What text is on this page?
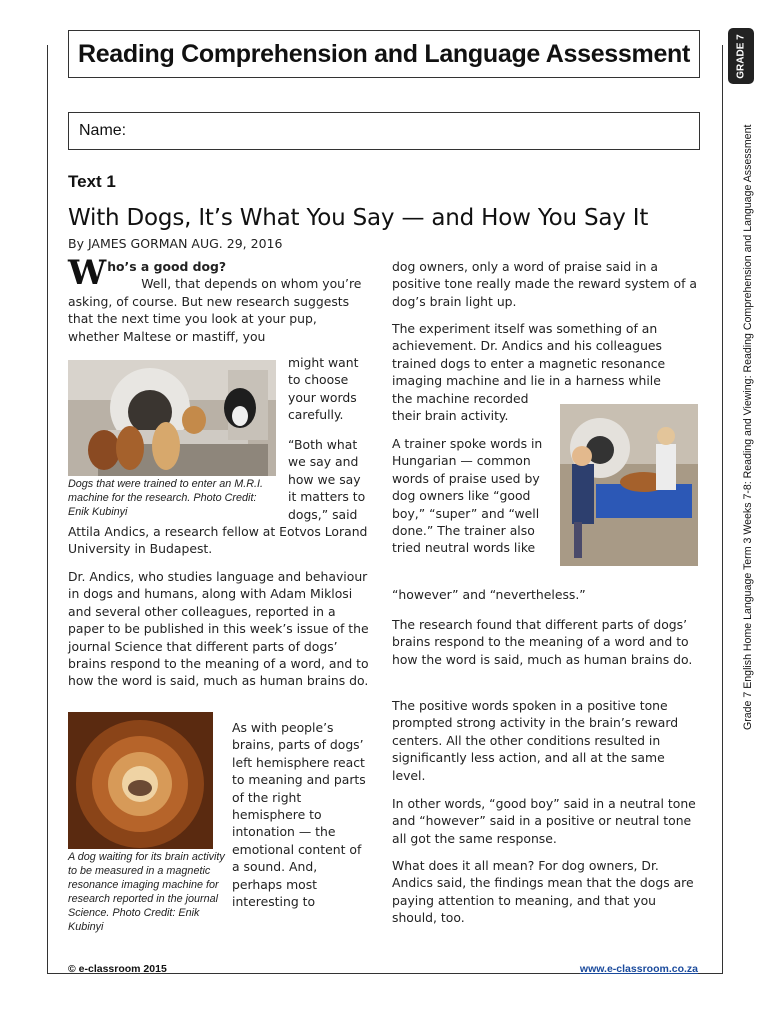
Reading Comprehension and Language Assessment	GRADE 7
Grade 7 English Home Language Term 3 Weeks 7-8: Reading and Viewing: Reading Comprehension and Language Assessment
Name:
Text 1
With Dogs, It’s What You Say — and How You Say It
By JAMES GORMAN AUG. 29, 2016
Who’s a good dog?
Well, that depends on whom you’re asking, of course. But new research suggests that the next time you look at your pup, whether Maltese or mastiff, you
Dogs that were trained to enter an M.R.I. machine for the research. Photo Credit: Enik Kubinyi
might want to choose your words carefully.
“Both what we say and how we say it matters to dogs,” said
Attila Andics, a research fellow at Eotvos Lorand University in Budapest.
Dr. Andics, who studies language and behaviour in dogs and humans, along with Adam Miklosi and several other colleagues, reported in a paper to be published in this week’s issue of the journal Science that different parts of dogs’ brains respond to the meaning of a word, and to how the word is said, much as human brains do.
A dog waiting for its brain activity to be measured in a magnetic resonance imaging machine for research reported in the journal Science. Photo Credit: Enik Kubinyi
As with people’s brains, parts of dogs’ left hemisphere react to meaning and parts of the right hemisphere to intonation — the emotional content of a sound. And, perhaps most interesting to
dog owners, only a word of praise said in a positive tone really made the reward system of a dog’s brain light up.
The experiment itself was something of an achievement. Dr. Andics and his colleagues trained dogs to enter a magnetic resonance imaging machine and lie in a harness while
the machine recorded their brain activity.
A trainer spoke words in Hungarian — common words of praise used by dog owners like “good boy,” “super” and “well done.” The trainer also tried neutral words like
“however” and “nevertheless.”
The research found that different parts of dogs’ brains respond to the meaning of a word and to how the word is said, much as human brains do.
The positive words spoken in a positive tone prompted strong activity in the brain’s reward centers. All the other conditions resulted in significantly less action, and all at the same level.
In other words, “good boy” said in a neutral tone and “however” said in a positive or neutral tone all got the same response.
What does it all mean? For dog owners, Dr. Andics said, the findings mean that the dogs are paying attention to meaning, and that you should, too.
© e-classroom 2015	www.e-classroom.co.za
